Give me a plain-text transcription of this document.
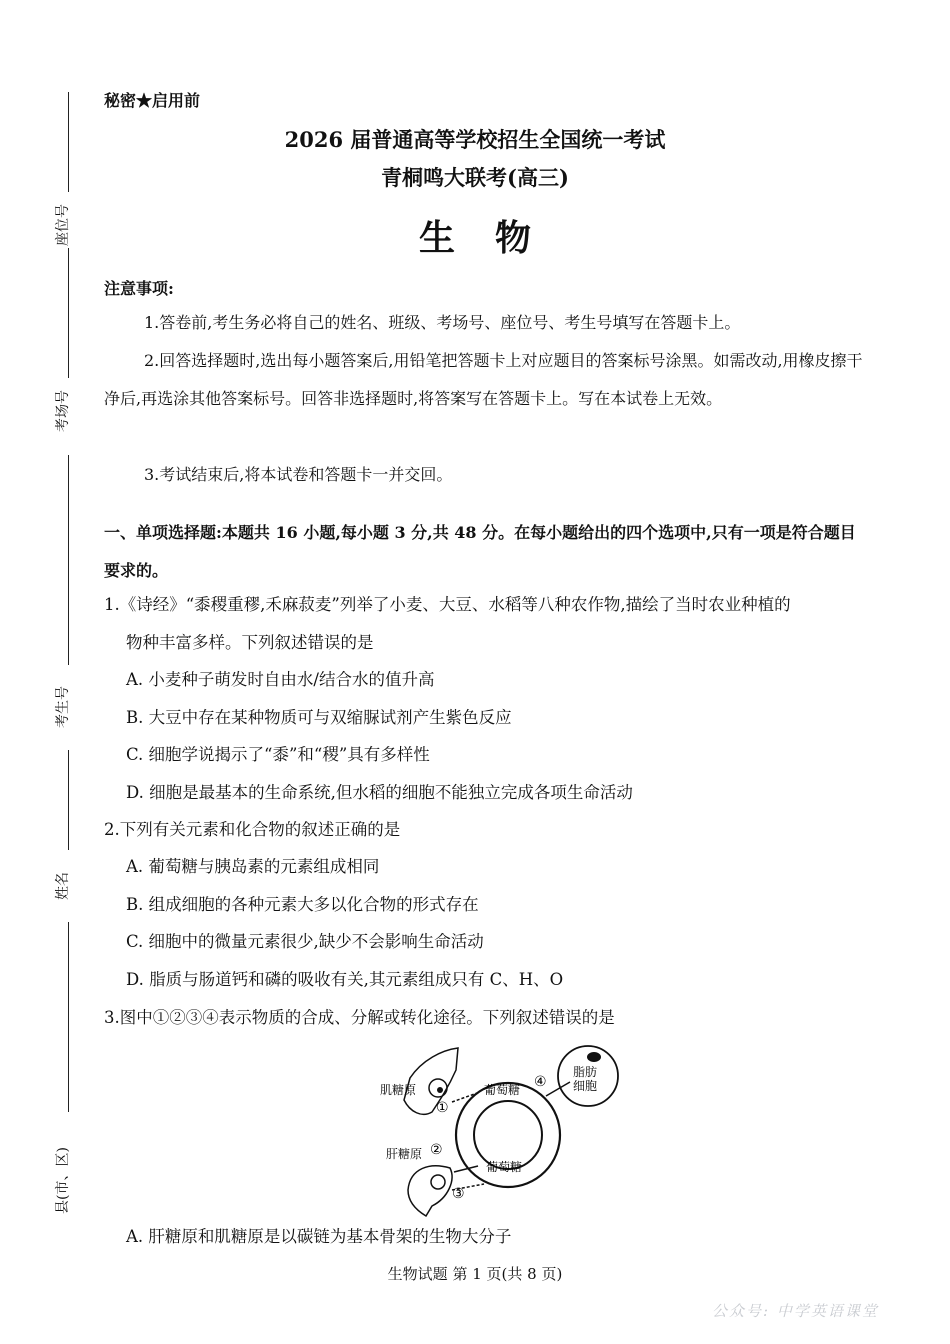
座位号
考场号
考生号
姓名
县(市、区)
秘密★启用前
2026 届普通高等学校招生全国统一考试
青桐鸣大联考(高三)
生物
注意事项:
1.答卷前,考生务必将自己的姓名、班级、考场号、座位号、考生号填写在答题卡上。
2.回答选择题时,选出每小题答案后,用铅笔把答题卡上对应题目的答案标号涂黑。如需改动,用橡皮擦干净后,再选涂其他答案标号。回答非选择题时,将答案写在答题卡上。写在本试卷上无效。
3.考试结束后,将本试卷和答题卡一并交回。
一、单项选择题:本题共 16 小题,每小题 3 分,共 48 分。在每小题给出的四个选项中,只有一项是符合题目要求的。
1.《诗经》“黍稷重穋,禾麻菽麦”列举了小麦、大豆、水稻等八种农作物,描绘了当时农业种植的
物种丰富多样。下列叙述错误的是
A. 小麦种子萌发时自由水/结合水的值升高
B. 大豆中存在某种物质可与双缩脲试剂产生紫色反应
C. 细胞学说揭示了“黍”和“稷”具有多样性
D. 细胞是最基本的生命系统,但水稻的细胞不能独立完成各项生命活动
2.下列有关元素和化合物的叙述正确的是
A. 葡萄糖与胰岛素的元素组成相同
B. 组成细胞的各种元素大多以化合物的形式存在
C. 细胞中的微量元素很少,缺少不会影响生命活动
D. 脂质与肠道钙和磷的吸收有关,其元素组成只有 C、H、O
3.图中①②③④表示物质的合成、分解或转化途径。下列叙述错误的是
肌糖原
肝糖原
葡萄糖
葡萄糖
脂肪
细胞
①
②
③
④
A. 肝糖原和肌糖原是以碳链为基本骨架的生物大分子
生物试题 第 1 页(共 8 页)
公众号: 中学英语课堂
